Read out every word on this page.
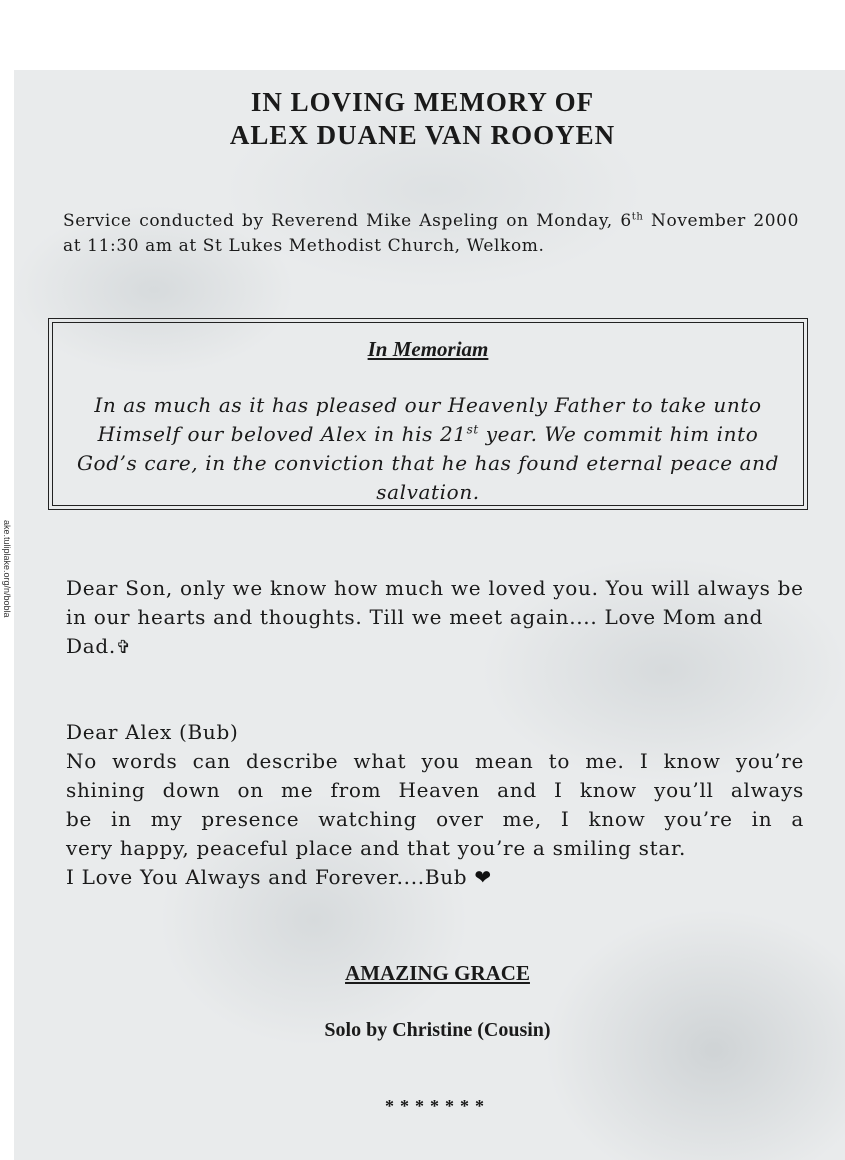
ake.tuliplake.org/n/bobla
IN LOVING MEMORY OF
ALEX DUANE VAN ROOYEN
Service conducted by Reverend Mike Aspeling on Monday, 6th November 2000 at 11:30 am at St Lukes Methodist Church, Welkom.
In Memoriam
In as much as it has pleased our Heavenly Father to take unto Himself our beloved Alex in his 21st year. We commit him into God’s care, in the conviction that he has found eternal peace and salvation.
Dear Son, only we know how much we loved you. You will always be in our hearts and thoughts. Till we meet again.... Love Mom and Dad.✞
Dear Alex (Bub)
No words can describe what you mean to me. I know you’re
shining down on me from Heaven and I know you’ll always
be in my presence watching over me, I know you’re in a
very happy, peaceful place and that you’re a smiling star.
I Love You Always and Forever....Bub ❤
AMAZING GRACE
Solo by Christine (Cousin)
*******
